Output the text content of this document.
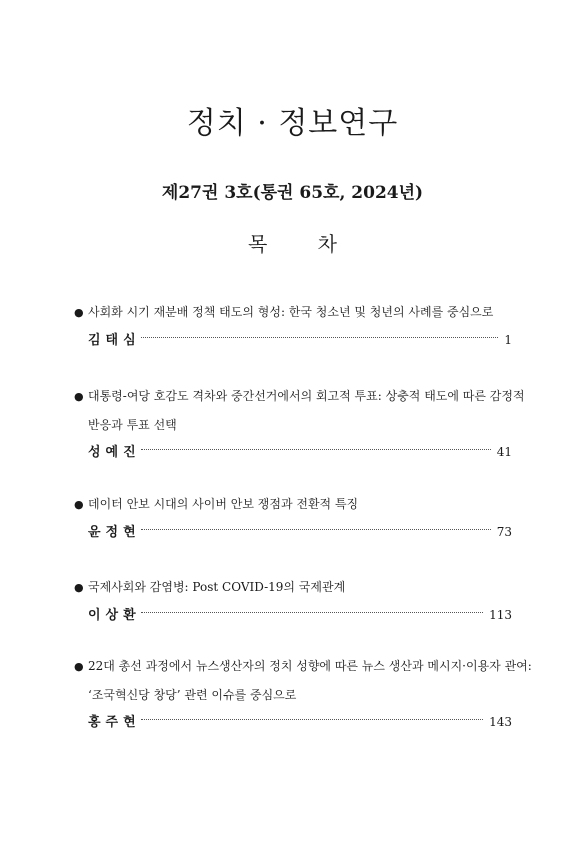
정치 · 정보연구
제27권 3호(통권 65호, 2024년)
목 차
● 사회화 시기 재분배 정책 태도의 형성: 한국 청소년 및 청년의 사례를 중심으로
김태심	1
● 대통령-여당 호감도 격차와 중간선거에서의 회고적 투표: 상충적 태도에 따른 감정적
반응과 투표 선택
성예진	41
● 데이터 안보 시대의 사이버 안보 쟁점과 전환적 특징
윤정현	73
● 국제사회와 감염병: Post COVID-19의 국제관계
이상환	113
● 22대 총선 과정에서 뉴스생산자의 정치 성향에 따른 뉴스 생산과 메시지·이용자 관여:
‘조국혁신당 창당’ 관련 이슈를 중심으로
홍주현	143
